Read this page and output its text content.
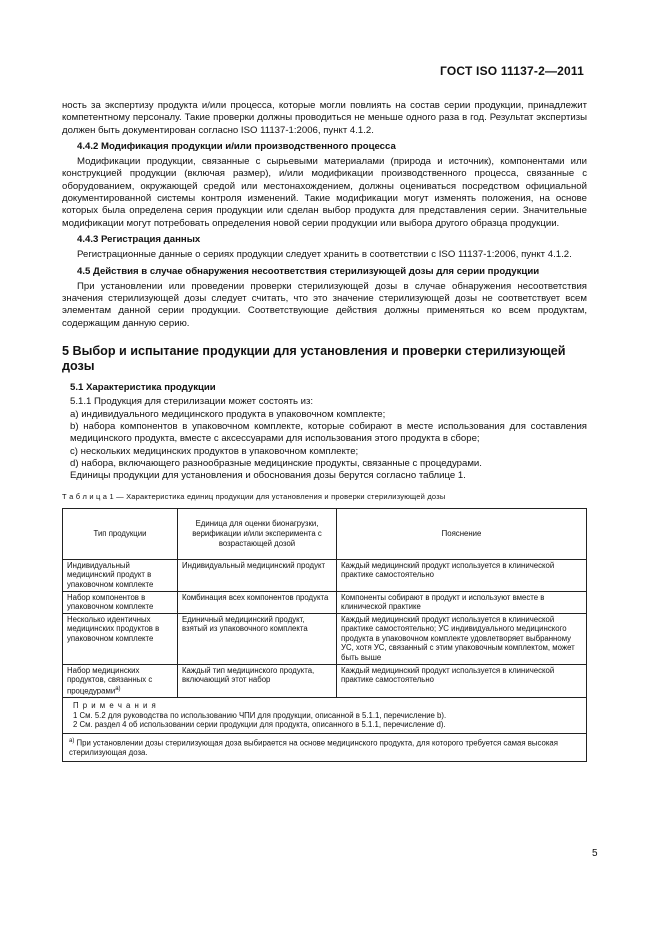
ГОСТ ISO 11137-2—2011

ность за экспертизу продукта и/или процесса, которые могли повлиять на состав серии продукции, принадлежит компетентному персоналу. Такие проверки должны проводиться не меньше одного раза в год. Результат экспертизы должен быть документирован согласно ISO 11137-1:2006, пункт 4.1.2.

4.4.2 Модификация продукции и/или производственного процесса

Модификации продукции, связанные с сырьевыми материалами (природа и источник), компонентами или конструкцией продукции (включая размер), и/или модификации производственного процесса, связанные с оборудованием, окружающей средой или местонахождением, должны оцениваться посредством официальной документированной системы контроля изменений. Такие модификации могут изменять положения, на основе которых была определена серия продукции или сделан выбор продукта для представления серии. Значительные модификации могут потребовать определения новой серии продукции или выбора другого образца продукции.

4.4.3 Регистрация данных

Регистрационные данные о сериях продукции следует хранить в соответствии с ISO 11137-1:2006, пункт 4.1.2.

4.5 Действия в случае обнаружения несоответствия стерилизующей дозы для серии продукции

При установлении или проведении проверки стерилизующей дозы в случае обнаружения несоответствия значения стерилизующей дозы следует считать, что это значение стерилизующей дозы не соответствует всем элементам данной серии продукции. Соответствующие действия должны применяться ко всем продуктам, содержащим данную серию.

5 Выбор и испытание продукции для установления и проверки стерилизующей дозы
5.1 Характеристика продукции
5.1.1 Продукция для стерилизации может состоять из:
a) индивидуального медицинского продукта в упаковочном комплекте;
b) набора компонентов в упаковочном комплекте, которые собирают в месте использования для составления медицинского продукта, вместе с аксессуарами для использования этого продукта в сборе;
c) нескольких медицинских продуктов в упаковочном комплекте;
d) набора, включающего разнообразные медицинские продукты, связанные с процедурами.
Единицы продукции для установления и обоснования дозы берутся согласно таблице 1.
Т а б л и ц а 1 — Характеристика единиц продукции для установления и проверки стерилизующей дозы
Тип продукции	Единица для оценки бионагрузки, верификации и/или эксперимента с возрастающей дозой	Пояснение
Индивидуальный медицинский продукт в упаковочном комплекте	Индивидуальный медицинский продукт	Каждый медицинский продукт используется в клинической практике самостоятельно
Набор компонентов в упаковочном комплекте	Комбинация всех компонентов продукта	Компоненты собирают в продукт и используют вместе в клинической практике
Несколько идентичных медицинских продуктов в упаковочном комплекте	Единичный медицинский продукт, взятый из упаковочного комплекта	Каждый медицинский продукт используется в клинической практике самостоятельно; УС индивидуального медицинского продукта в упаковочном комплекте удовлетворяет выбранному УС, хотя УС, связанный с этим упаковочным комплектом, может быть выше
Набор медицинских продуктов, связанных с процедурами$^{a)}$	Каждый тип медицинского продукта, включающий этот набор	Каждый медицинский продукт используется в клинической практике самостоятельно

П р и м е ч а н и я
1 См. 5.2 для руководства по использованию ЧПИ для продукции, описанной в 5.1.1, перечисление b).
2 См. раздел 4 об использовании серии продукции для продукта, описанного в 5.1.1, перечисление d).		

$^{a)}$ При установлении дозы стерилизующая доза выбирается на основе медицинского продукта, для которого требуется самая высокая стерилизующая доза.		
5
